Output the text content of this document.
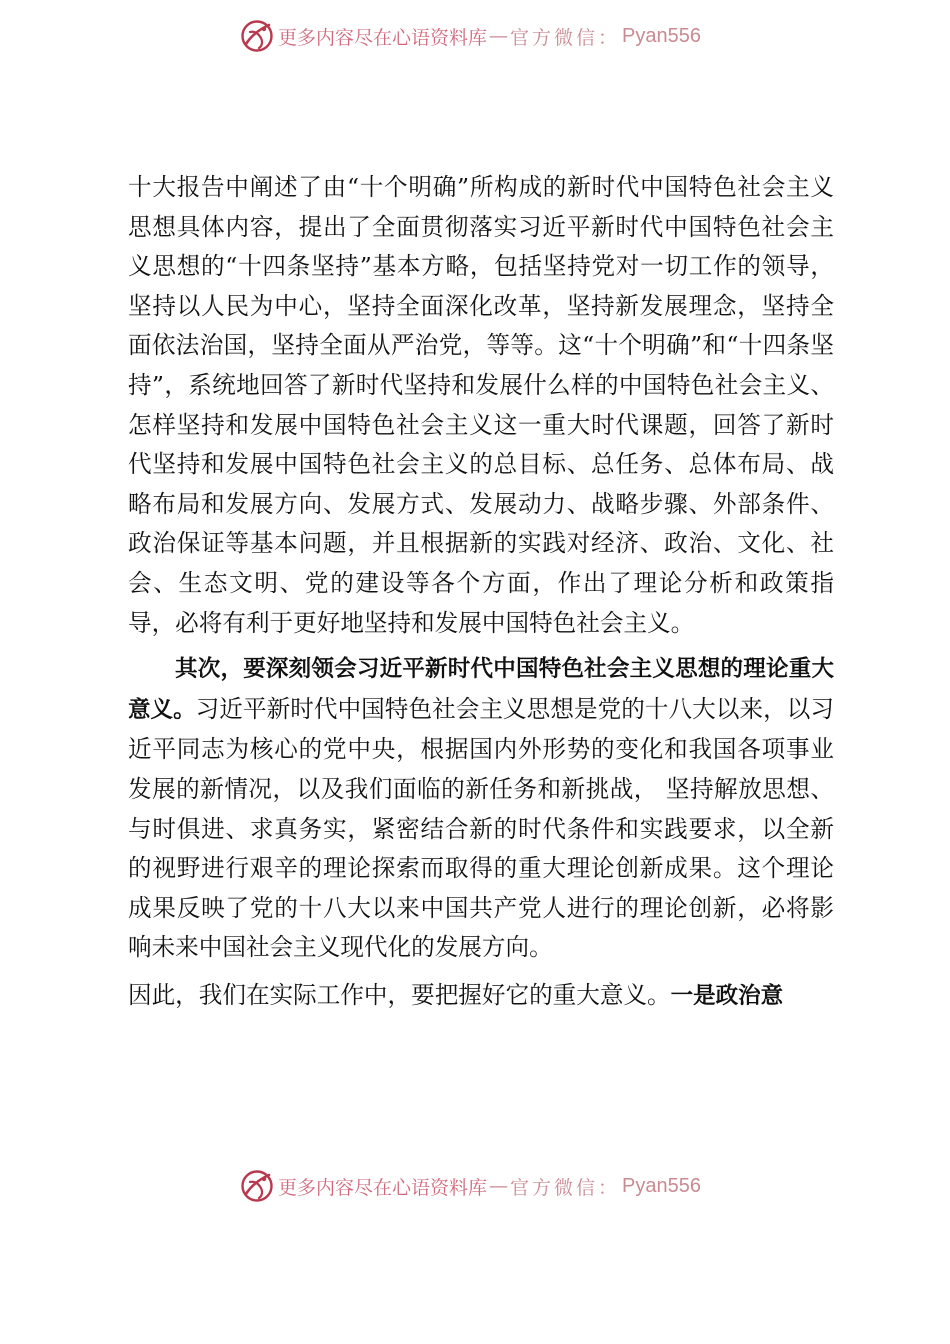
更多内容尽在心语资料库 — 官方微信： Pyan556

十大报告中阐述了由“十个明确”所构成的新时代中国特色社会主义思想具体内容，提出了全面贯彻落实习近平新时代中国特色社会主义思想的“十四条坚持”基本方略，包括坚持党对一切工作的领导，坚持以人民为中心，坚持全面深化改革，坚持新发展理念，坚持全面依法治国，坚持全面从严治党，等等。这“十个明确”和“十四条坚持”，系统地回答了新时代坚持和发展什么样的中国特色社会主义、怎样坚持和发展中国特色社会主义这一重大时代课题，回答了新时代坚持和发展中国特色社会主义的总目标、总任务、总体布局、战略布局和发展方向、发展方式、发展动力、战略步骤、外部条件、政治保证等基本问题，并且根据新的实践对经济、政治、文化、社会、生态文明、党的建设等各个方面，作出了理论分析和政策指导，必将有利于更好地坚持和发展中国特色社会主义。

其次，要深刻领会习近平新时代中国特色社会主义思想的理论重大意义。习近平新时代中国特色社会主义思想是党的十八大以来，以习近平同志为核心的党中央，根据国内外形势的变化和我国各项事业发展的新情况，以及我们面临的新任务和新挑战， 坚持解放思想、与时俱进、求真务实，紧密结合新的时代条件和实践要求，以全新的视野进行艰辛的理论探索而取得的重大理论创新成果。这个理论成果反映了党的十八大以来中国共产党人进行的理论创新，必将影响未来中国社会主义现代化的发展方向。

因此，我们在实际工作中，要把握好它的重大意义。一是政治意

更多内容尽在心语资料库 — 官方微信： Pyan556
